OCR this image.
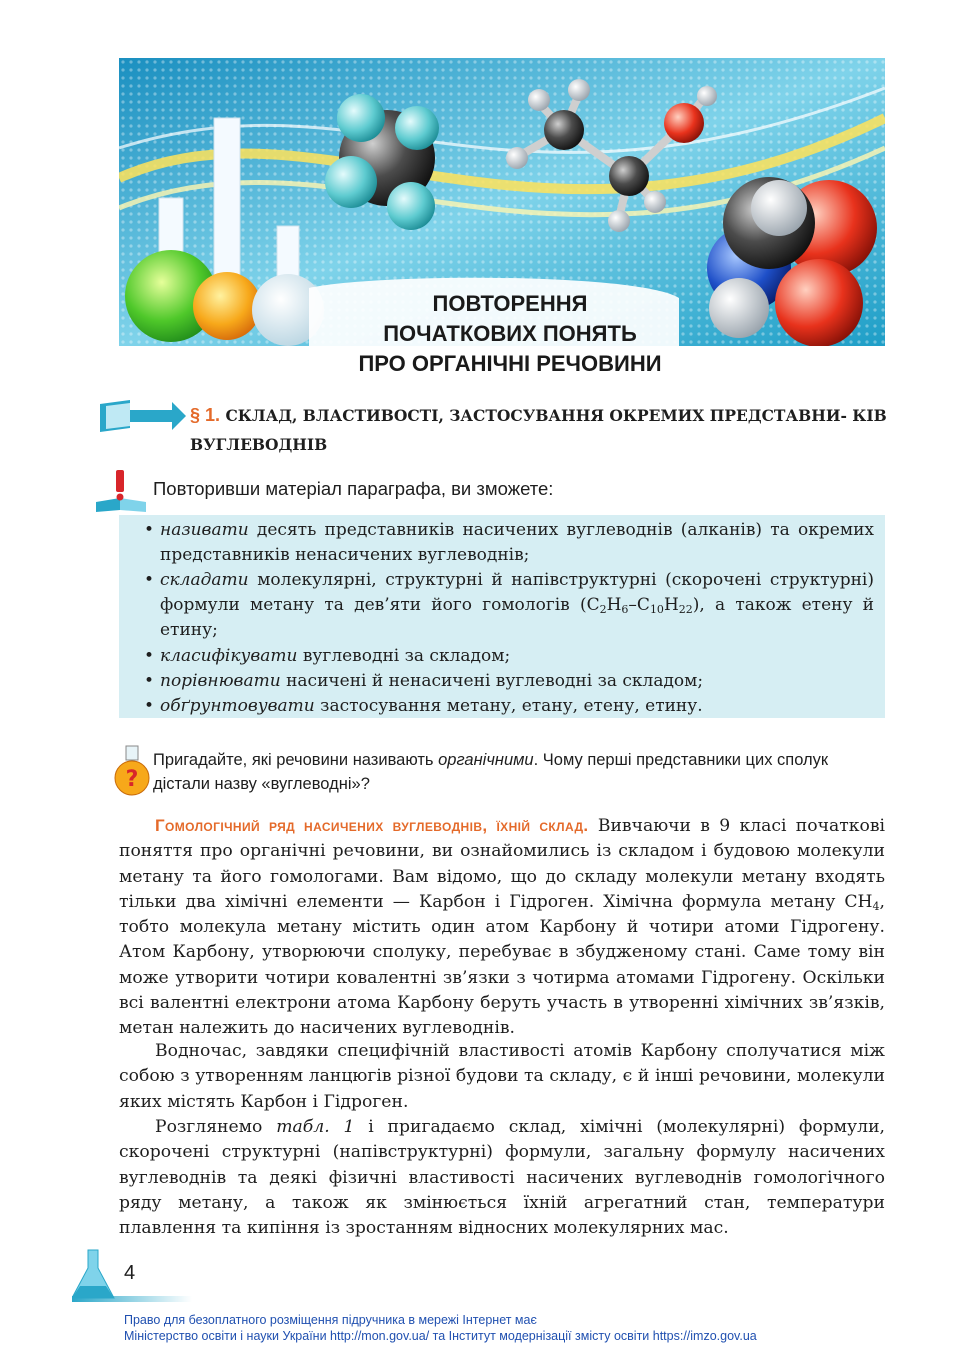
ПОВТОРЕННЯ
ПОЧАТКОВИХ ПОНЯТЬ
ПРО ОРГАНІЧНІ РЕЧОВИНИ
§ 1. СКЛАД, ВЛАСТИВОСТІ, ЗАСТОСУВАННЯ ОКРЕМИХ ПРЕДСТАВНИ- КІВ ВУГЛЕВОДНІВ
Повторивши матеріал параграфа, ви зможете:
• називати десять представників насичених вуглеводнів (алканів) та окремих представників ненасичених вуглеводнів;
• складати молекулярні, структурні й напівструктурні (скорочені структурні) формули метану та дев’яти його гомологів $(C_2H_6-C_{10}H_{22})$, а також етену й етину;
• класифікувати вуглеводні за складом;
• порівнювати насичені й ненасичені вуглеводні за складом;
• обґрунтовувати застосування метану, етану, етену, етину.
?
Пригадайте, які речовини називають органічними. Чому перші представники цих сполук дістали назву «вуглеводні»?
Гомологічний ряд насичених вуглеводнів, їхній склад. Вивчаючи в 9 класі початкові поняття про органічні речовини, ви ознайомились із складом і будовою молекули метану та його гомологами. Вам відомо, що до складу молекули метану входять тільки два хімічні елементи — Карбон і Гідроген. Хімічна формула метану $CH_4$, тобто молекула метану містить один атом Карбону й чотири атоми Гідрогену. Атом Карбону, утворюючи сполуку, перебуває в збудженому стані. Саме тому він може утворити чотири ковалентні зв’язки з чотирма атомами Гідрогену. Оскільки всі валентні електрони атома Карбону беруть участь в утворенні хімічних зв’язків, метан належить до насичених вуглеводнів.
Водночас, завдяки специфічній властивості атомів Карбону сполучатися між собою з утворенням ланцюгів різної будови та складу, є й інші речовини, молекули яких містять Карбон і Гідроген.
Розглянемо табл. 1 і пригадаємо склад, хімічні (молекулярні) формули, скорочені структурні (напівструктурні) формули, загальну формулу насичених вуглеводнів та деякі фізичні властивості насичених вуглеводнів гомологічного ряду метану, а також як змінюється їхній агрегатний стан, температури плавлення та кипіння із зростанням відносних молекулярних мас.
4
Право для безоплатного розміщення підручника в мережі Інтернет має
Міністерство освіти і науки України http://mon.gov.ua/ та Інститут модернізації змісту освіти https://imzo.gov.ua
